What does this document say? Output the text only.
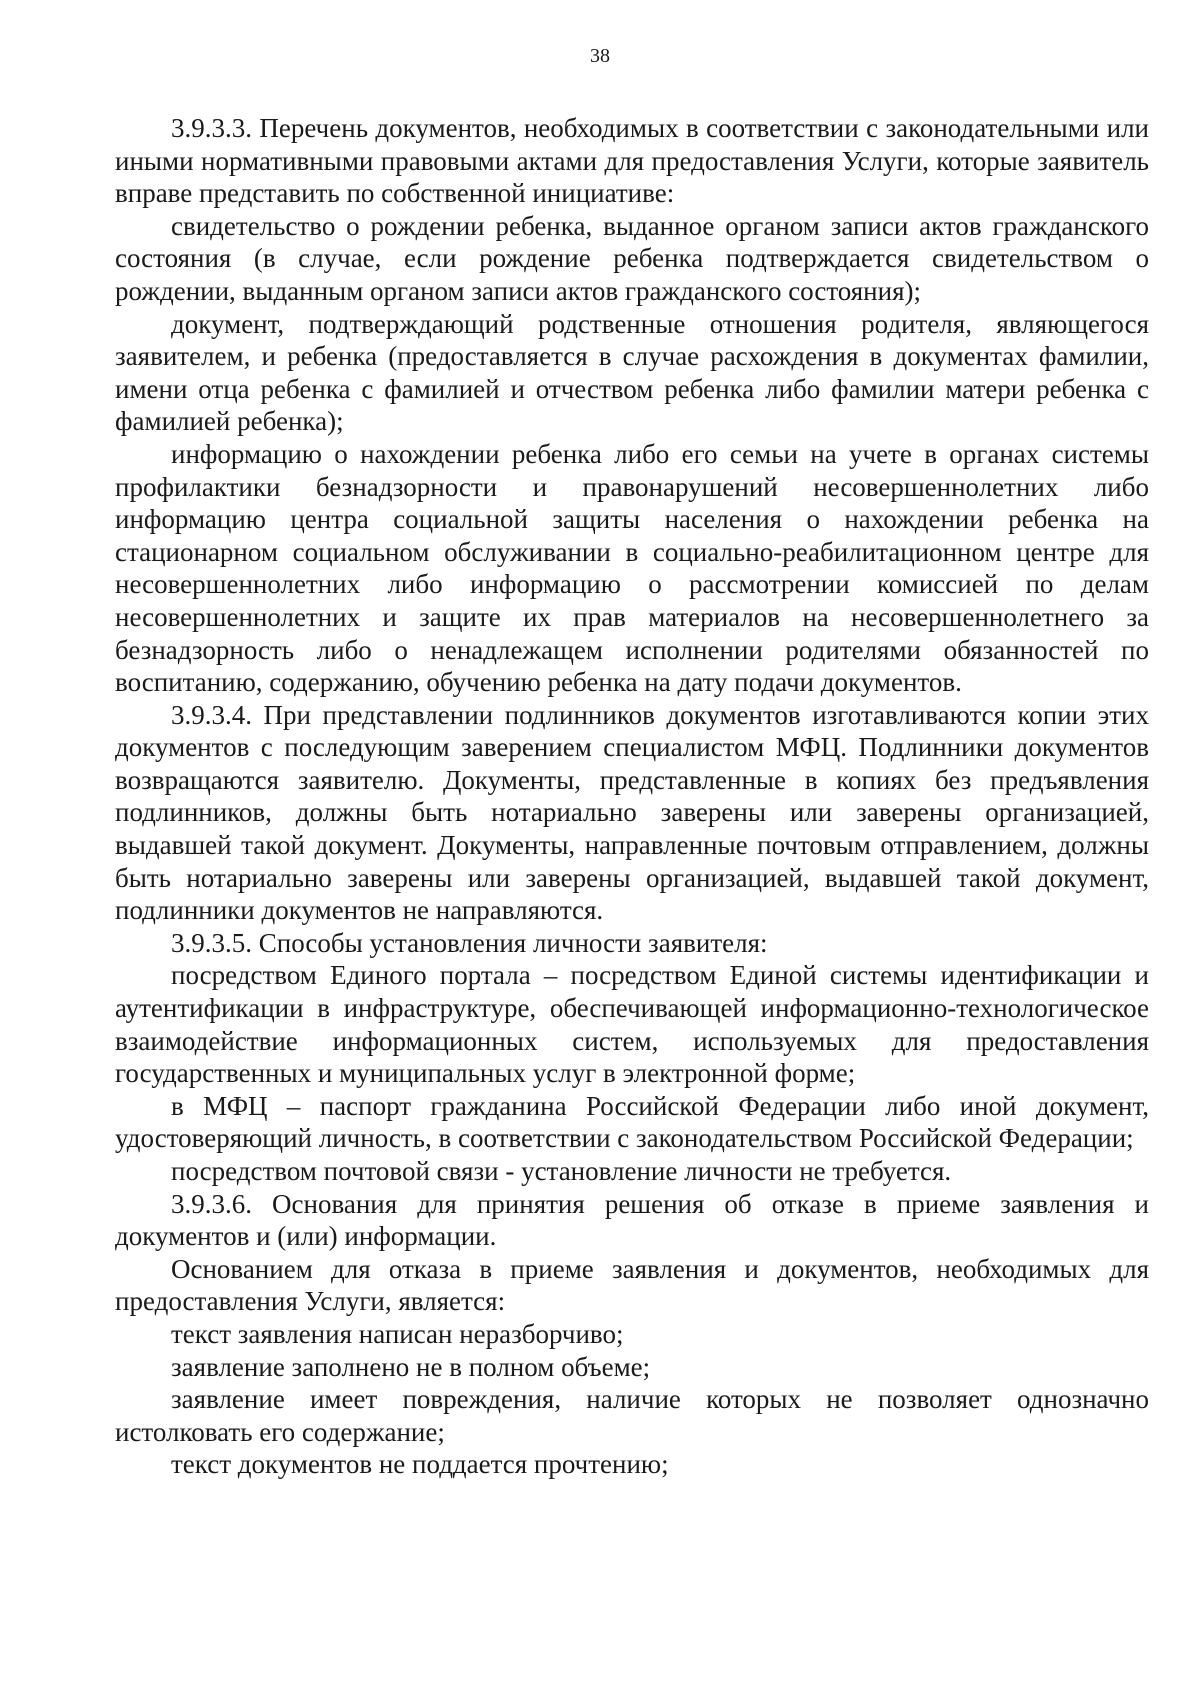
38

3.9.3.3. Перечень документов, необходимых в соответствии с законодательными или иными нормативными правовыми актами для предоставления Услуги, которые заявитель вправе представить по собственной инициативе:

свидетельство о рождении ребенка, выданное органом записи актов гражданского состояния (в случае, если рождение ребенка подтверждается свидетельством о рождении, выданным органом записи актов гражданского состояния);

документ, подтверждающий родственные отношения родителя, являющегося заявителем, и ребенка (предоставляется в случае расхождения в документах фамилии, имени отца ребенка с фамилией и отчеством ребенка либо фамилии матери ребенка с фамилией ребенка);

информацию о нахождении ребенка либо его семьи на учете в органах системы профилактики безнадзорности и правонарушений несовершеннолетних либо информацию центра социальной защиты населения о нахождении ребенка на стационарном социальном обслуживании в социально-реабилитационном центре для несовершеннолетних либо информацию о рассмотрении комиссией по делам несовершеннолетних и защите их прав материалов на несовершеннолетнего за безнадзорность либо о ненадлежащем исполнении родителями обязанностей по воспитанию, содержанию, обучению ребенка на дату подачи документов.

3.9.3.4. При представлении подлинников документов изготавливаются копии этих документов с последующим заверением специалистом МФЦ. Подлинники документов возвращаются заявителю. Документы, представленные в копиях без предъявления подлинников, должны быть нотариально заверены или заверены организацией, выдавшей такой документ. Документы, направленные почтовым отправлением, должны быть нотариально заверены или заверены организацией, выдавшей такой документ, подлинники документов не направляются.

3.9.3.5. Способы установления личности заявителя:

посредством Единого портала – посредством Единой системы идентификации и аутентификации в инфраструктуре, обеспечивающей информационно-технологическое взаимодействие информационных систем, используемых для предоставления государственных и муниципальных услуг в электронной форме;

в МФЦ – паспорт гражданина Российской Федерации либо иной документ, удостоверяющий личность, в соответствии с законодательством Российской Федерации;

посредством почтовой связи - установление личности не требуется.

3.9.3.6. Основания для принятия решения об отказе в приеме заявления и документов и (или) информации.

Основанием для отказа в приеме заявления и документов, необходимых для предоставления Услуги, является:

текст заявления написан неразборчиво;

заявление заполнено не в полном объеме;

заявление имеет повреждения, наличие которых не позволяет однозначно истолковать его содержание;

текст документов не поддается прочтению;
